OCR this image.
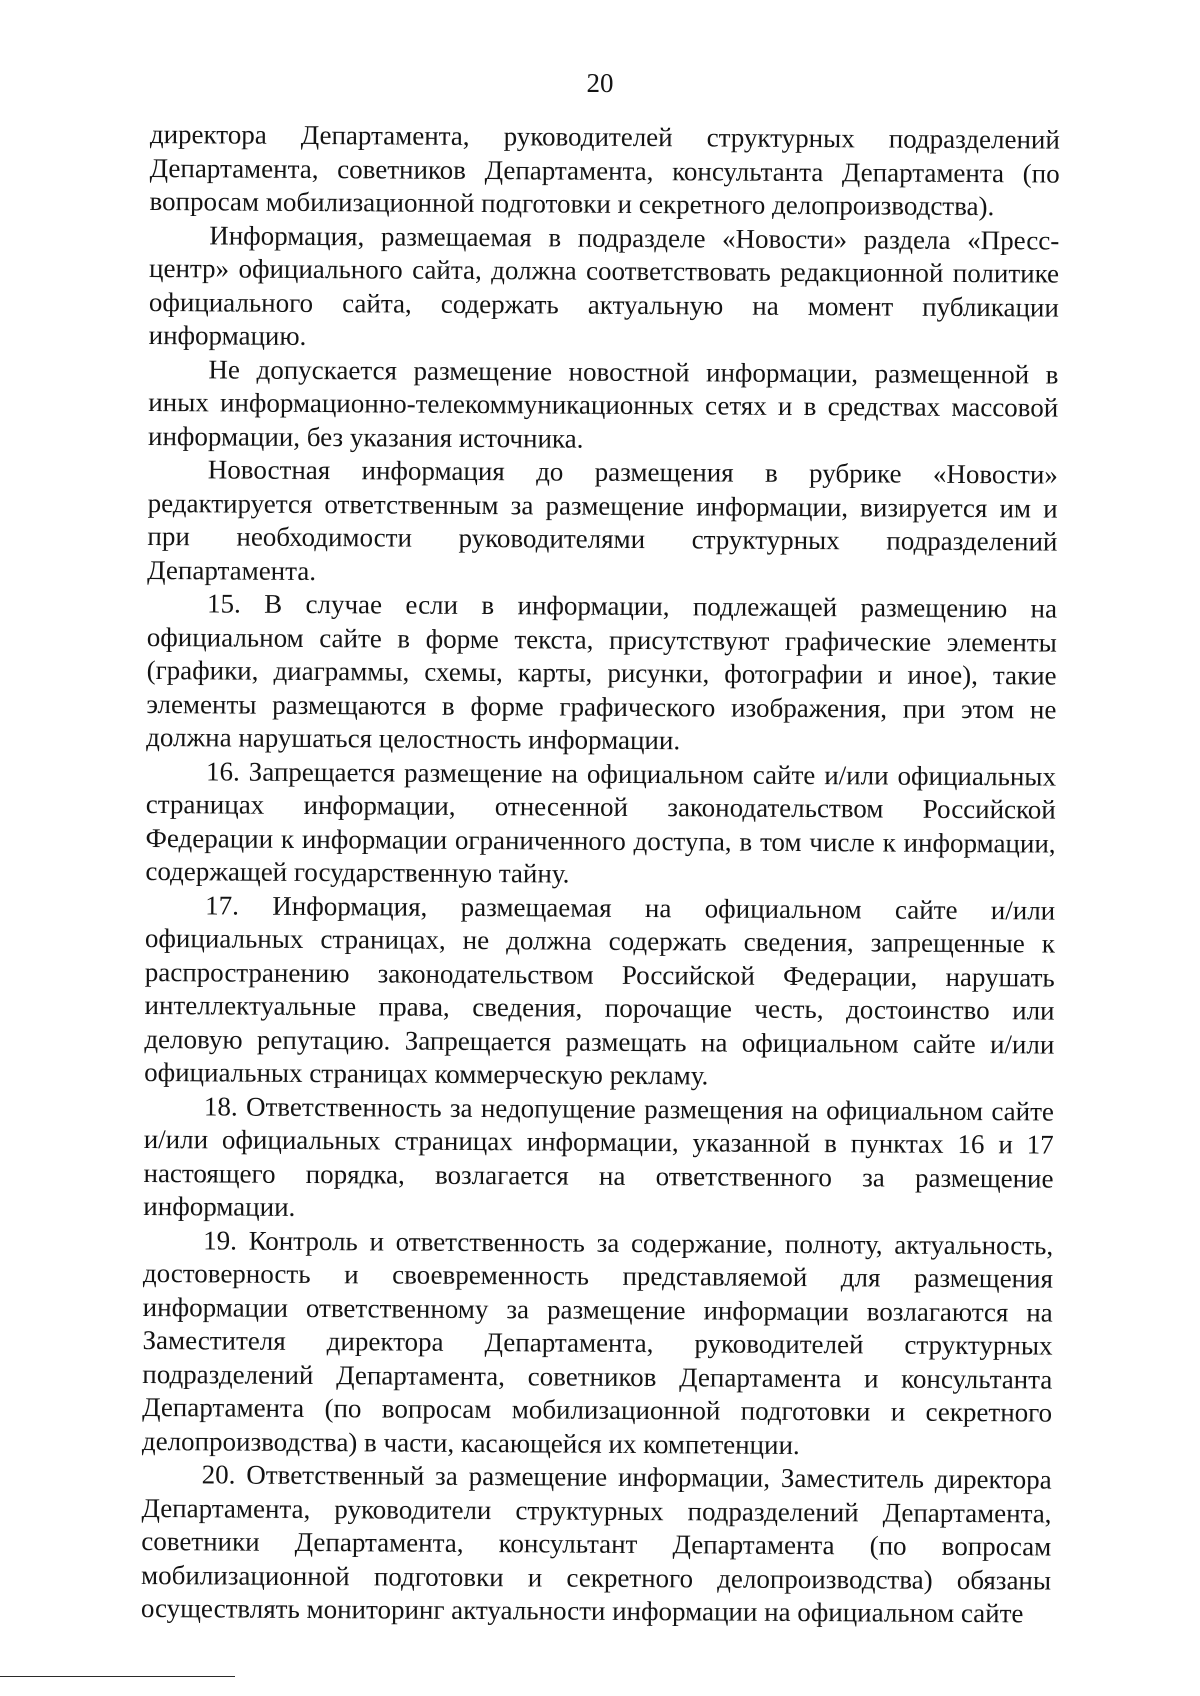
20

директора Департамента, руководителей структурных подразделений Департамента, советников Департамента, консультанта Департамента (по вопросам мобилизационной подготовки и секретного делопроизводства).

Информация, размещаемая в подразделе «Новости» раздела «Пресс-центр» официального сайта, должна соответствовать редакционной политике официального сайта, содержать актуальную на момент публикации информацию.

Не допускается размещение новостной информации, размещенной в иных информационно-телекоммуникационных сетях и в средствах массовой информации, без указания источника.

Новостная информация до размещения в рубрике «Новости» редактируется ответственным за размещение информации, визируется им и при необходимости руководителями структурных подразделений Департамента.

15. В случае если в информации, подлежащей размещению на официальном сайте в форме текста, присутствуют графические элементы (графики, диаграммы, схемы, карты, рисунки, фотографии и иное), такие элементы размещаются в форме графического изображения, при этом не должна нарушаться целостность информации.

16. Запрещается размещение на официальном сайте и/или официальных страницах информации, отнесенной законодательством Российской Федерации к информации ограниченного доступа, в том числе к информации, содержащей государственную тайну.

17. Информация, размещаемая на официальном сайте и/или официальных страницах, не должна содержать сведения, запрещенные к распространению законодательством Российской Федерации, нарушать интеллектуальные права, сведения, порочащие честь, достоинство или деловую репутацию. Запрещается размещать на официальном сайте и/или официальных страницах коммерческую рекламу.

18. Ответственность за недопущение размещения на официальном сайте и/или официальных страницах информации, указанной в пунктах 16 и 17 настоящего порядка, возлагается на ответственного за размещение информации.

19. Контроль и ответственность за содержание, полноту, актуальность, достоверность и своевременность представляемой для размещения информации ответственному за размещение информации возлагаются на Заместителя директора Департамента, руководителей структурных подразделений Департамента, советников Департамента и консультанта Департамента (по вопросам мобилизационной подготовки и секретного делопроизводства) в части, касающейся их компетенции.

20. Ответственный за размещение информации, Заместитель директора Департамента, руководители структурных подразделений Департамента, советники Департамента, консультант Департамента (по вопросам мобилизационной подготовки и секретного делопроизводства) обязаны осуществлять мониторинг актуальности информации на официальном сайте
